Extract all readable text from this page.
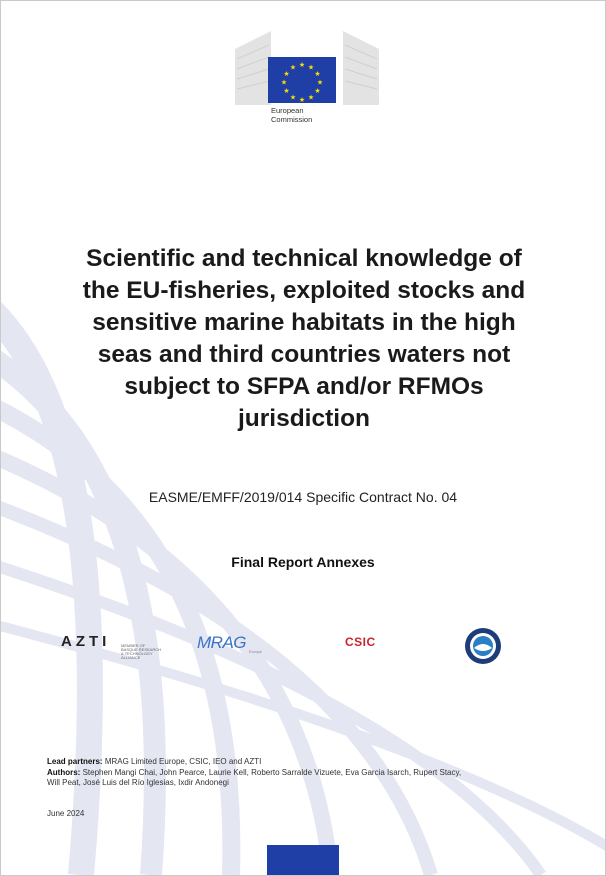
★ ★
★
★
★
★
★
★
★
★
★
★
European
Commission
Scientific and technical knowledge of
the EU-fisheries, exploited stocks and
sensitive marine habitats in the high
seas and third countries waters not
subject to SFPA and/or RFMOs
jurisdiction
EASME/EMFF/2019/014 Specific Contract No. 04
Final Report Annexes
AZTI	MEMBER OF BASQUE RESEARCH & TECHNOLOGY ALLIANCE
MRAG Europe
CSIC
Lead partners: MRAG Limited Europe, CSIC, IEO and AZTI
Authors: Stephen Mangi Chai, John Pearce, Laurie Kell, Roberto Sarralde Vizuete, Eva Garcia Isarch, Rupert Stacy,
Will Peat, José Luis del Río Iglesias, Ixdir Andonegi
June 2024
